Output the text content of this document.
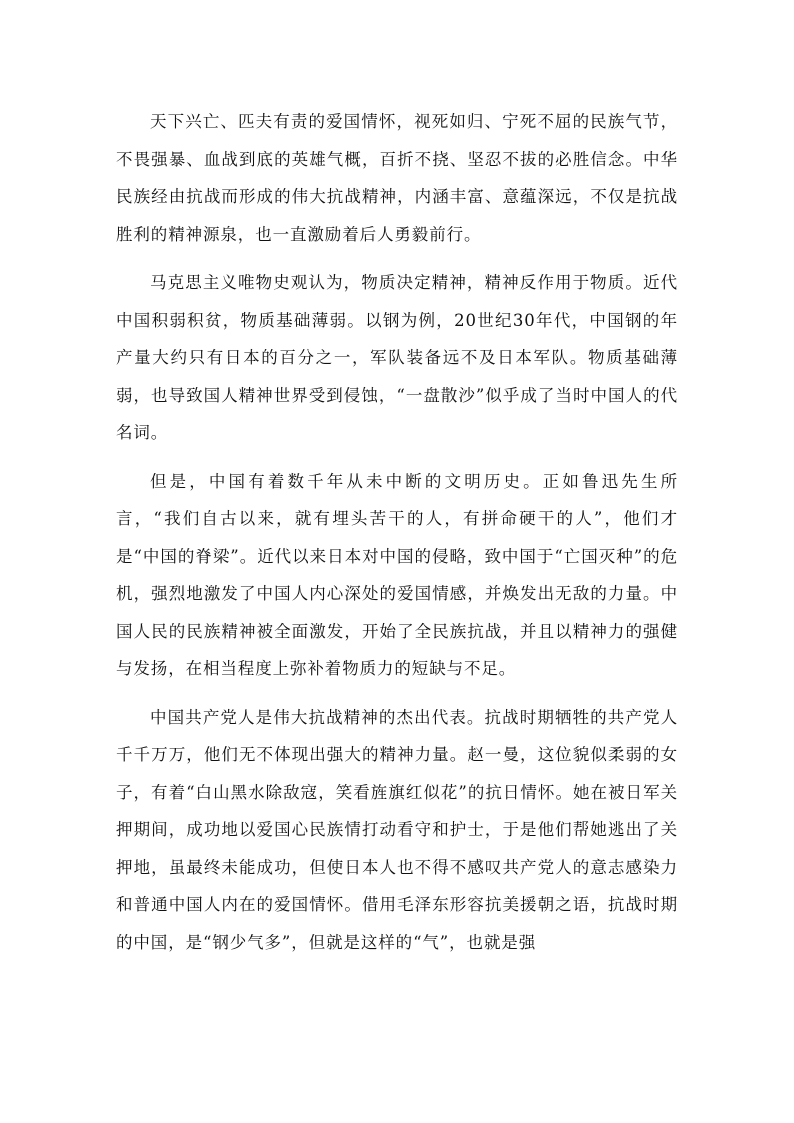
天下兴亡、匹夫有责的爱国情怀，视死如归、宁死不屈的民族气节，不畏强暴、血战到底的英雄气概，百折不挠、坚忍不拔的必胜信念。中华民族经由抗战而形成的伟大抗战精神，内涵丰富、意蕴深远，不仅是抗战胜利的精神源泉，也一直激励着后人勇毅前行。

马克思主义唯物史观认为，物质决定精神，精神反作用于物质。近代中国积弱积贫，物质基础薄弱。以钢为例，20世纪30年代，中国钢的年产量大约只有日本的百分之一，军队装备远不及日本军队。物质基础薄弱，也导致国人精神世界受到侵蚀，“一盘散沙”似乎成了当时中国人的代名词。

但是，中国有着数千年从未中断的文明历史。正如鲁迅先生所言，“我们自古以来，就有埋头苦干的人，有拼命硬干的人”，他们才是“中国的脊梁”。近代以来日本对中国的侵略，致中国于“亡国灭种”的危机，强烈地激发了中国人内心深处的爱国情感，并焕发出无敌的力量。中国人民的民族精神被全面激发，开始了全民族抗战，并且以精神力的强健与发扬，在相当程度上弥补着物质力的短缺与不足。

中国共产党人是伟大抗战精神的杰出代表。抗战时期牺牲的共产党人千千万万，他们无不体现出强大的精神力量。赵一曼，这位貌似柔弱的女子，有着“白山黑水除敌寇，笑看旌旗红似花”的抗日情怀。她在被日军关押期间，成功地以爱国心民族情打动看守和护士，于是他们帮她逃出了关押地，虽最终未能成功，但使日本人也不得不感叹共产党人的意志感染力和普通中国人内在的爱国情怀。借用毛泽东形容抗美援朝之语，抗战时期的中国，是“钢少气多”，但就是这样的“气”，也就是强
